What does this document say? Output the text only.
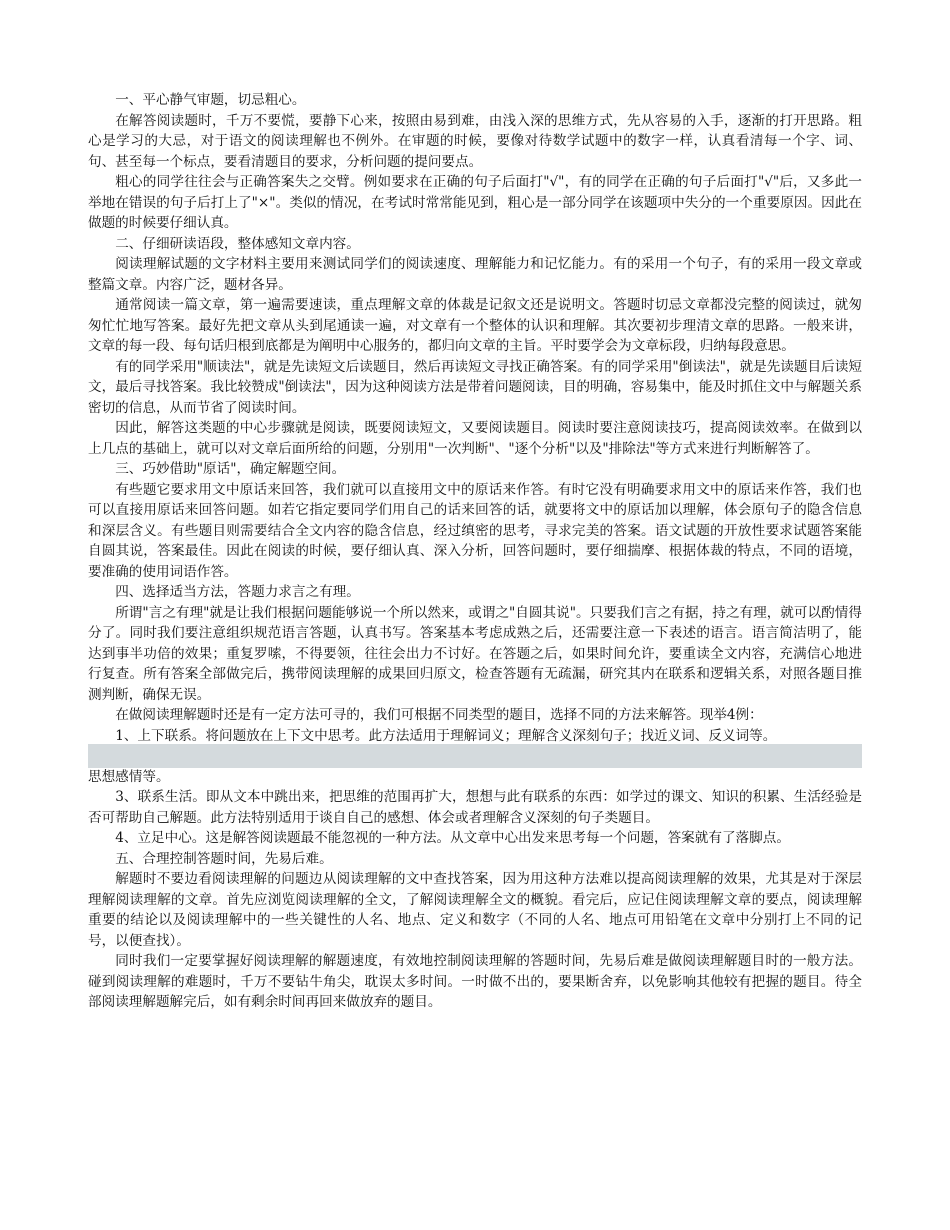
一、平心静气审题，切忌粗心。

在解答阅读题时，千万不要慌，要静下心来，按照由易到难，由浅入深的思维方式，先从容易的入手，逐渐的打开思路。粗心是学习的大忌，对于语文的阅读理解也不例外。在审题的时候，要像对待数学试题中的数字一样，认真看清每一个字、词、句、甚至每一个标点，要看清题目的要求，分析问题的提问要点。

粗心的同学往往会与正确答案失之交臂。例如要求在正确的句子后面打"√"，有的同学在正确的句子后面打"√"后，又多此一举地在错误的句子后打上了"×"。类似的情况，在考试时常常能见到，粗心是一部分同学在该题项中失分的一个重要原因。因此在做题的时候要仔细认真。

二、仔细研读语段，整体感知文章内容。

阅读理解试题的文字材料主要用来测试同学们的阅读速度、理解能力和记忆能力。有的采用一个句子，有的采用一段文章或整篇文章。内容广泛，题材各异。

通常阅读一篇文章，第一遍需要速读，重点理解文章的体裁是记叙文还是说明文。答题时切忌文章都没完整的阅读过，就匆匆忙忙地写答案。最好先把文章从头到尾通读一遍，对文章有一个整体的认识和理解。其次要初步理清文章的思路。一般来讲，文章的每一段、每句话归根到底都是为阐明中心服务的，都归向文章的主旨。平时要学会为文章标段，归纳每段意思。

有的同学采用"顺读法"，就是先读短文后读题目，然后再读短文寻找正确答案。有的同学采用"倒读法"，就是先读题目后读短文，最后寻找答案。我比较赞成"倒读法"，因为这种阅读方法是带着问题阅读，目的明确，容易集中，能及时抓住文中与解题关系密切的信息，从而节省了阅读时间。

因此，解答这类题的中心步骤就是阅读，既要阅读短文，又要阅读题目。阅读时要注意阅读技巧，提高阅读效率。在做到以上几点的基础上，就可以对文章后面所给的问题，分别用"一次判断"、"逐个分析"以及"排除法"等方式来进行判断解答了。

三、巧妙借助"原话"，确定解题空间。

有些题它要求用文中原话来回答，我们就可以直接用文中的原话来作答。有时它没有明确要求用文中的原话来作答，我们也可以直接用原话来回答问题。如若它指定要同学们用自己的话来回答的话，就要将文中的原话加以理解，体会原句子的隐含信息和深层含义。有些题目则需要结合全文内容的隐含信息，经过缜密的思考，寻求完美的答案。语文试题的开放性要求试题答案能自圆其说，答案最佳。因此在阅读的时候，要仔细认真、深入分析，回答问题时，要仔细揣摩、根据体裁的特点，不同的语境，要准确的使用词语作答。

四、选择适当方法，答题力求言之有理。

所谓"言之有理"就是让我们根据问题能够说一个所以然来，或谓之"自圆其说"。只要我们言之有据，持之有理，就可以酌情得分了。同时我们要注意组织规范语言答题，认真书写。答案基本考虑成熟之后，还需要注意一下表述的语言。语言简洁明了，能达到事半功倍的效果；重复罗嗦，不得要领，往往会出力不讨好。在答题之后，如果时间允许，要重读全文内容，充满信心地进行复查。所有答案全部做完后，携带阅读理解的成果回归原文，检查答题有无疏漏，研究其内在联系和逻辑关系，对照各题目推测判断，确保无误。

在做阅读理解题时还是有一定方法可寻的，我们可根据不同类型的题目，选择不同的方法来解答。现举4例：

1、上下联系。将问题放在上下文中思考。此方法适用于理解词义；理解含义深刻句子；找近义词、反义词等。

思想感情等。

3、联系生活。即从文本中跳出来，把思维的范围再扩大，想想与此有联系的东西：如学过的课文、知识的积累、生活经验是否可帮助自己解题。此方法特别适用于谈自自己的感想、体会或者理解含义深刻的句子类题目。

4、立足中心。这是解答阅读题最不能忽视的一种方法。从文章中心出发来思考每一个问题，答案就有了落脚点。

五、合理控制答题时间，先易后难。

解题时不要边看阅读理解的问题边从阅读理解的文中查找答案，因为用这种方法难以提高阅读理解的效果，尤其是对于深层理解阅读理解的文章。首先应浏览阅读理解的全文，了解阅读理解全文的概貌。看完后，应记住阅读理解文章的要点，阅读理解重要的结论以及阅读理解中的一些关键性的人名、地点、定义和数字（不同的人名、地点可用铅笔在文章中分别打上不同的记号，以便查找）。

同时我们一定要掌握好阅读理解的解题速度，有效地控制阅读理解的答题时间，先易后难是做阅读理解题目时的一般方法。碰到阅读理解的难题时，千万不要钻牛角尖，耽误太多时间。一时做不出的，要果断舍弃，以免影响其他较有把握的题目。待全部阅读理解题解完后，如有剩余时间再回来做放弃的题目。
